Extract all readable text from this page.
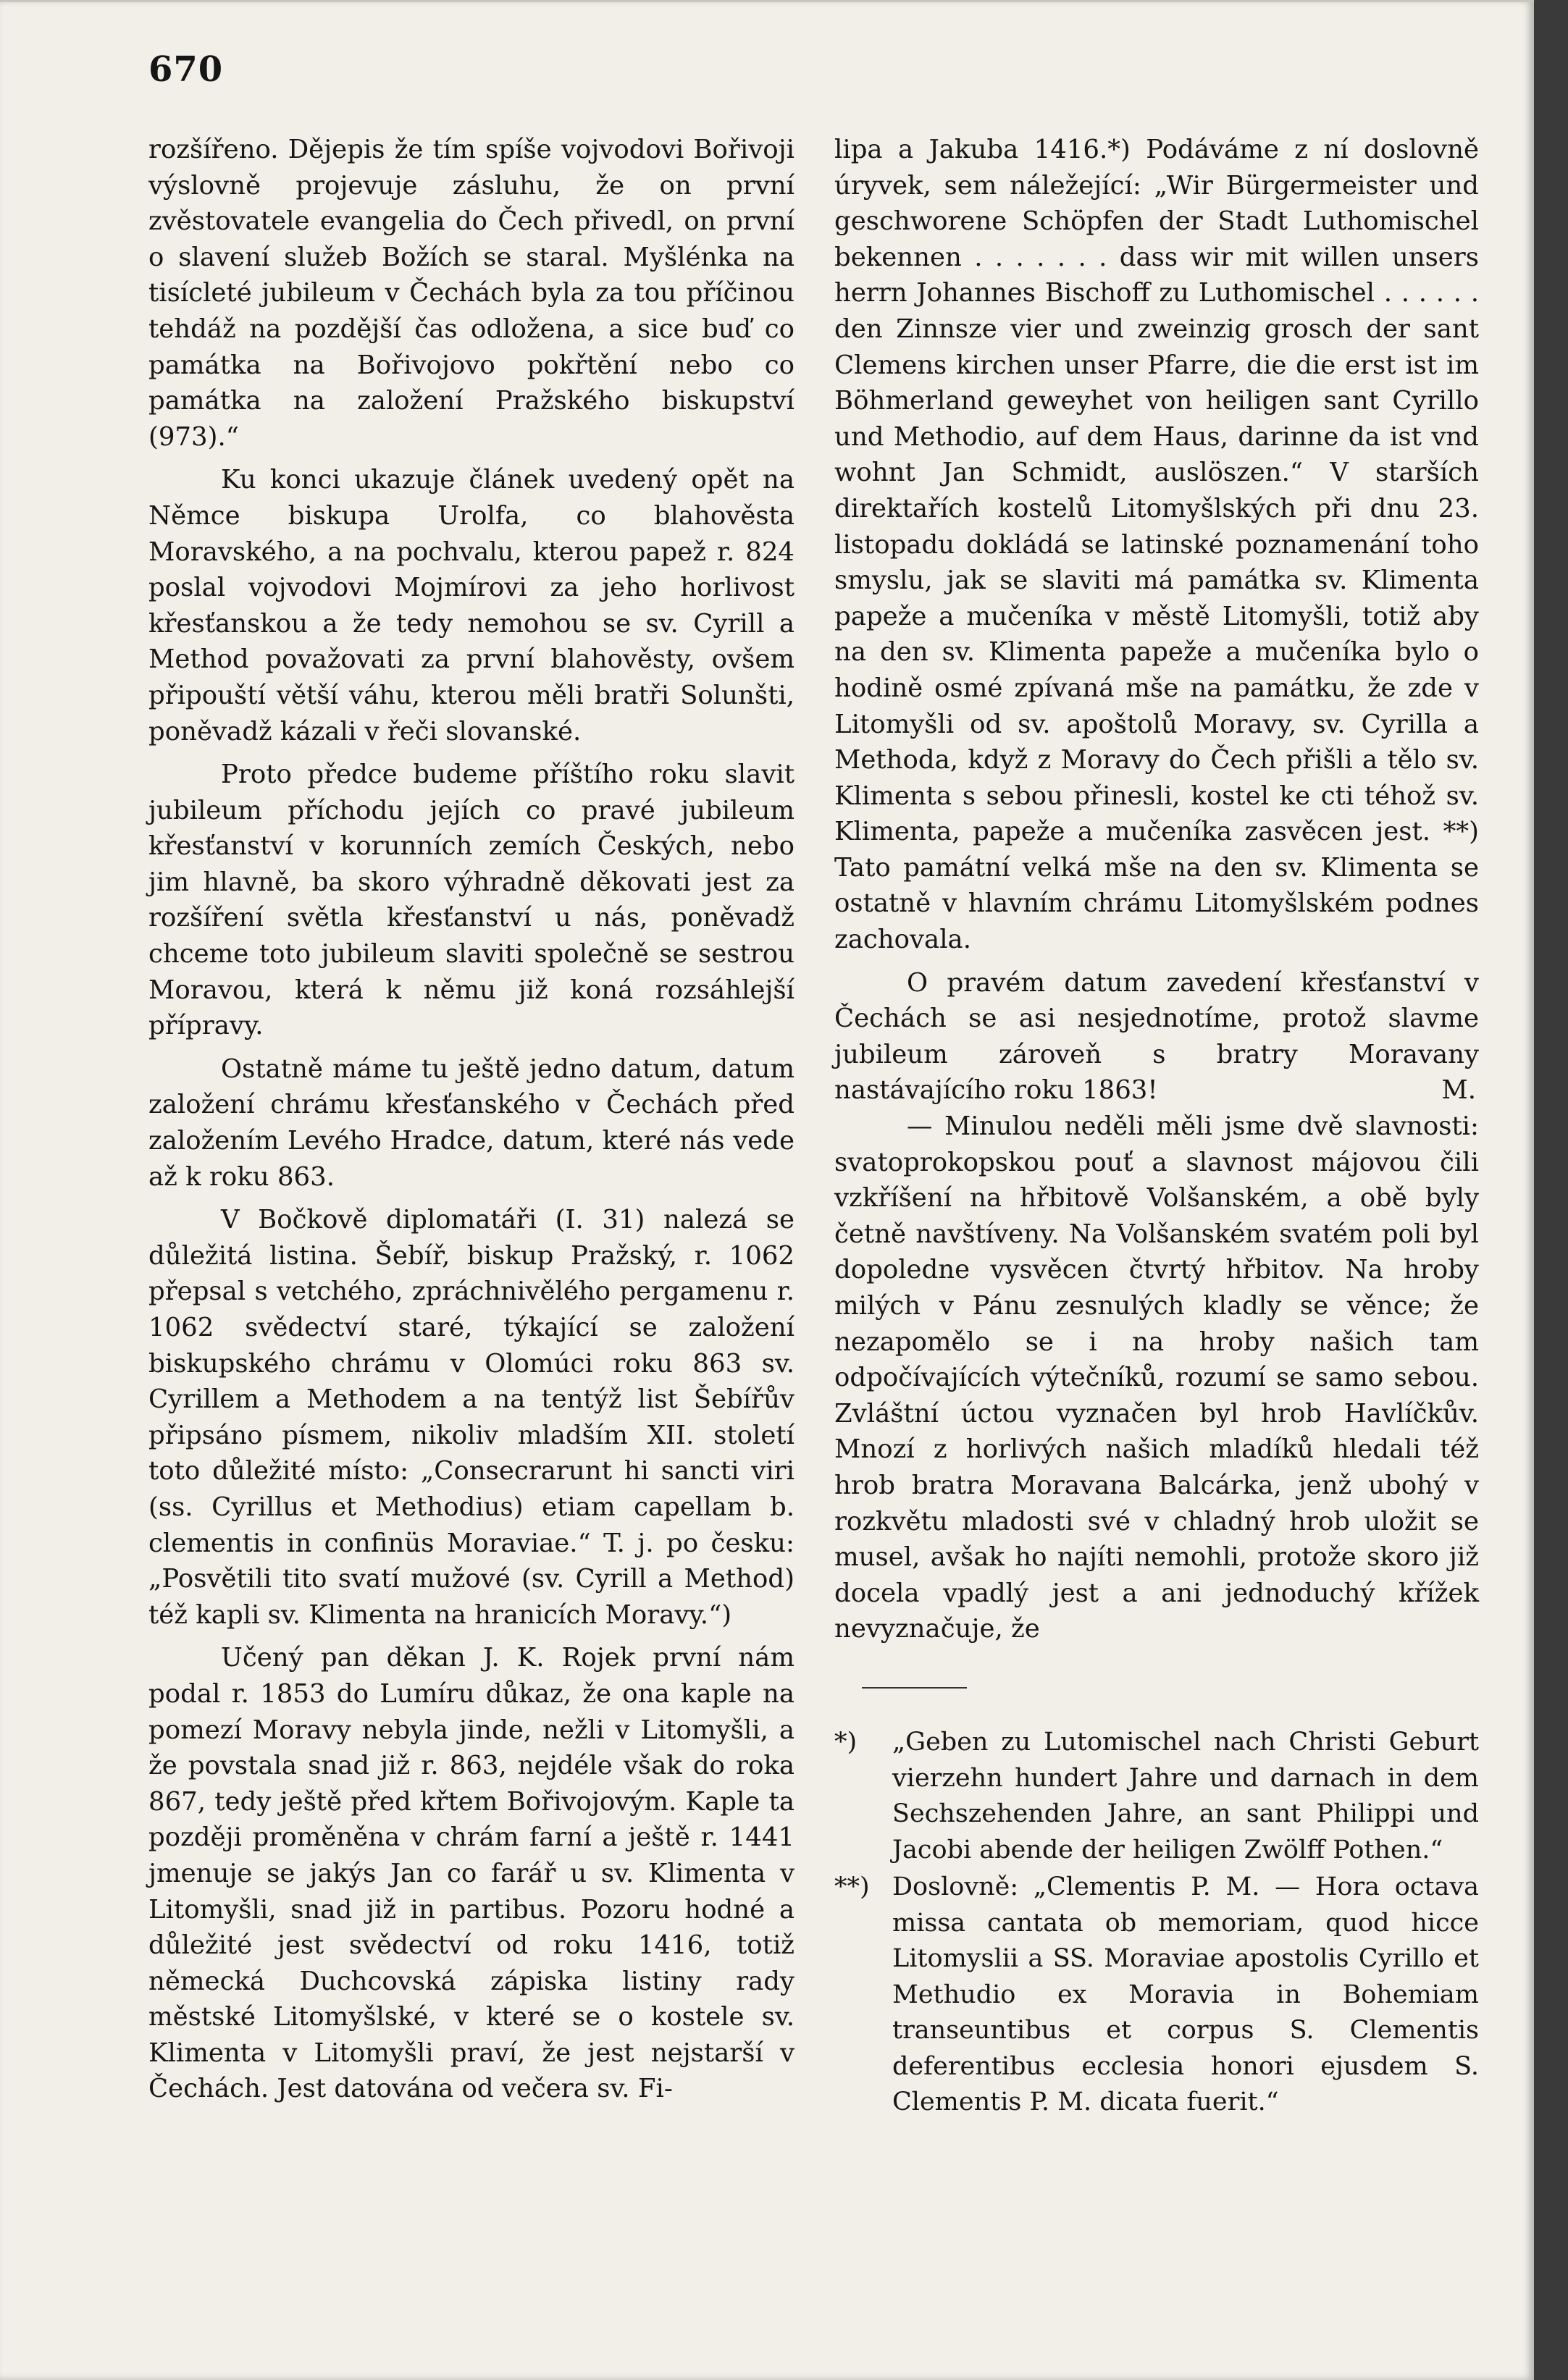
670

rozšířeno. Dějepis že tím spíše vojvodovi Bořivoji výslovně projevuje zásluhu, že on první zvěstovatele evangelia do Čech přivedl, on první o slavení služeb Božích se staral. Myšlénka na tisícleté jubileum v Čechách byla za tou příčinou tehdáž na pozdější čas odložena, a sice buď co památka na Bořivojovo pokřtění nebo co památka na založení Pražského biskupství (973).“

Ku konci ukazuje článek uvedený opět na Němce biskupa Urolfa, co blahověsta Moravského, a na pochvalu, kterou papež r. 824 poslal vojvodovi Mojmírovi za jeho horlivost křesťanskou a že tedy nemohou se sv. Cyrill a Method považovati za první blahověsty, ovšem připouští větší váhu, kterou měli bratři Solunšti, poněvadž kázali v řeči slovanské.

Proto předce budeme příštího roku slavit jubileum příchodu jejích co pravé jubileum křesťanství v korunních zemích Českých, nebo jim hlavně, ba skoro výhradně děkovati jest za rozšíření světla křesťanství u nás, poněvadž chceme toto jubileum slaviti společně se sestrou Moravou, která k němu již koná rozsáhlejší přípravy.

Ostatně máme tu ještě jedno datum, datum založení chrámu křesťanského v Čechách před založením Levého Hradce, datum, které nás vede až k roku 863.

V Bočkově diplomatáři (I. 31) nalezá se důležitá listina. Šebíř, biskup Pražský, r. 1062 přepsal s vetchého, zpráchnivělého pergamenu r. 1062 svědectví staré, týkající se založení biskupského chrámu v Olomúci roku 863 sv. Cyrillem a Methodem a na tentýž list Šebířův připsáno písmem, nikoliv mladším XII. století toto důležité místo: „Consecrarunt hi sancti viri (ss. Cyrillus et Methodius) etiam capellam b. clementis in confinüs Moraviae.“ T. j. po česku: „Posvětili tito svatí mužové (sv. Cyrill a Method) též kapli sv. Klimenta na hranicích Moravy.“)

Učený pan děkan J. K. Rojek první nám podal r. 1853 do Lumíru důkaz, že ona kaple na pomezí Moravy nebyla jinde, nežli v Litomyšli, a že povstala snad již r. 863, nejdéle však do roka 867, tedy ještě před křtem Bořivojovým. Kaple ta později proměněna v chrám farní a ještě r. 1441 jmenuje se jakýs Jan co farář u sv. Klimenta v Litomyšli, snad již in partibus. Pozoru hodné a důležité jest svědectví od roku 1416, totiž německá Duchcovská zápiska listiny rady městské Litomyšlské, v které se o kostele sv. Klimenta v Litomyšli praví, že jest nejstarší v Čechách. Jest datována od večera sv. Fi-

lipa a Jakuba 1416.*) Podáváme z ní doslovně úryvek, sem náležející: „Wir Bürgermeister und geschworene Schöpfen der Stadt Luthomischel bekennen . . . . . . . dass wir mit willen unsers herrn Johannes Bischoff zu Luthomischel . . . . . . den Zinnsze vier und zweinzig grosch der sant Clemens kirchen unser Pfarre, die die erst ist im Böhmerland geweyhet von heiligen sant Cyrillo und Methodio, auf dem Haus, darinne da ist vnd wohnt Jan Schmidt, auslöszen.“ V starších direktařích kostelů Litomyšlských při dnu 23. listopadu dokládá se latinské poznamenání toho smyslu, jak se slaviti má památka sv. Klimenta papeže a mučeníka v městě Litomyšli, totiž aby na den sv. Klimenta papeže a mučeníka bylo o hodině osmé zpívaná mše na památku, že zde v Litomyšli od sv. apoštolů Moravy, sv. Cyrilla a Methoda, když z Moravy do Čech přišli a tělo sv. Klimenta s sebou přinesli, kostel ke cti téhož sv. Klimenta, papeže a mučeníka zasvěcen jest. **) Tato památní velká mše na den sv. Klimenta se ostatně v hlavním chrámu Litomyšlském podnes zachovala.

O pravém datum zavedení křesťanství v Čechách se asi nesjednotíme, protož slavme jubileum zároveň s bratry Moravany nastávajícího roku 1863!	M.

— Minulou neděli měli jsme dvě slavnosti: svatoprokopskou pouť a slavnost májovou čili vzkříšení na hřbitově Volšanském, a obě byly četně navštíveny. Na Volšanském svatém poli byl dopoledne vysvěcen čtvrtý hřbitov. Na hroby milých v Pánu zesnulých kladly se věnce; že nezapomělo se i na hroby našich tam odpočívajících výtečníků, rozumí se samo sebou. Zvláštní úctou vyznačen byl hrob Havlíčkův. Mnozí z horlivých našich mladíků hledali též hrob bratra Moravana Balcárka, jenž ubohý v rozkvětu mladosti své v chladný hrob uložit se musel, avšak ho najíti nemohli, protože skoro již docela vpadlý jest a ani jednoduchý křížek nevyznačuje, že

*) „Geben zu Lutomischel nach Christi Geburt vierzehn hundert Jahre und darnach in dem Sechszehenden Jahre, an sant Philippi und Jacobi abende der heiligen Zwölff Pothen.“
**) Doslovně: „Clementis P. M. — Hora octava missa cantata ob memoriam, quod hicce Litomyslii a SS. Moraviae apostolis Cyrillo et Methudio ex Moravia in Bohemiam transeuntibus et corpus S. Clementis deferentibus ecclesia honori ejusdem S. Clementis P. M. dicata fuerit.“
